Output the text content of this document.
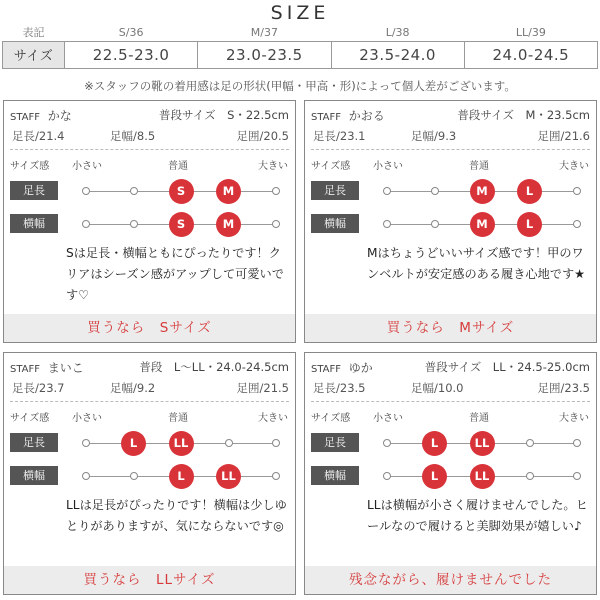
SIZE
表記	S/36	M/37	L/38	LL/39
サイズ	22.5-23.0	23.0-23.5	23.5-24.0	24.0-24.5
※スタッフの靴の着用感は足の形状(甲幅・甲高・形)によって個人差がございます。
STAFF かな	普段サイズ　S・22.5cm
足長/21.4	足幅/8.5	足囲/20.5
サイズ感 小さい	普通	大きい
足長
横幅
Sは足長・横幅ともにぴったりです！クリアはシーズン感がアップして可愛いです♡
買うなら　Sサイズ
S	M
S	M
STAFF かおる	普段サイズ　M・23.5cm
足長/23.1	足幅/9.3	足囲/21.6
サイズ感 小さい	普通	大きい
足長
横幅
Mはちょうどいいサイズ感です！甲のワンベルトが安定感のある履き心地です★
買うなら　Mサイズ
M	L
M	L
STAFF まいこ	普段　L〜LL・24.0-24.5cm
足長/23.7	足幅/9.2	足囲/21.5
サイズ感 小さい	普通	大きい
足長
横幅
LLは足長がぴったりです！横幅は少しゆとりがありますが、気にならないです◎
買うなら　LLサイズ
L	LL
L	LL
STAFF ゆか	普段サイズ　LL・24.5-25.0cm
足長/23.5	足幅/10.0	足囲/23.5
サイズ感 小さい	普通	大きい
足長
横幅
LLは横幅が小さく履けませんでした。ヒールなので履けると美脚効果が嬉しい♪
残念ながら、履けませんでした
L	LL
L	LL
